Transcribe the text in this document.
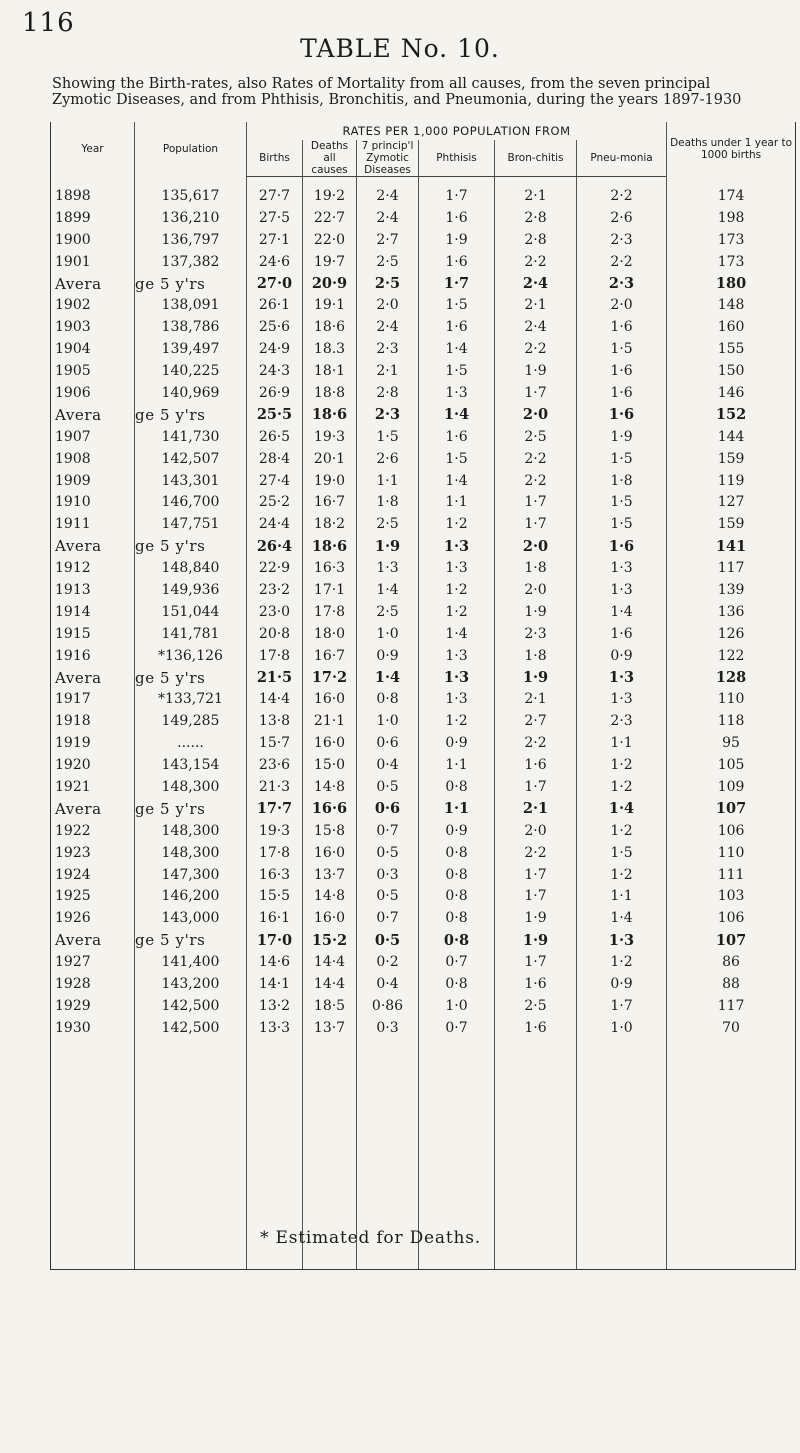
116
TABLE No. 10.
Showing the Birth-rates, also Rates of Mortality from all causes, from the seven principal Zymotic Diseases, and from Phthisis, Bronchitis, and Pneumonia, during the years 1897-1930
Year	Population	RATES PER 1,000 POPULATION FROM						Deaths under 1 year to 1000 births
		Births	Deaths all causes	7 princip'l Zymotic Diseases	Phthisis	Bron-chitis	Pneu-monia	
1898	135,617	27·7	19·2	2·4	1·7	2·1	2·2	174
1899	136,210	27·5	22·7	2·4	1·6	2·8	2·6	198
1900	136,797	27·1	22·0	2·7	1·9	2·8	2·3	173
1901	137,382	24·6	19·7	2·5	1·6	2·2	2·2	173
Avera	ge 5 y'rs	27·0	20·9	2·5	1·7	2·4	2·3	180
1902	138,091	26·1	19·1	2·0	1·5	2·1	2·0	148
1903	138,786	25·6	18·6	2·4	1·6	2·4	1·6	160
1904	139,497	24·9	18.3	2·3	1·4	2·2	1·5	155
1905	140,225	24·3	18·1	2·1	1·5	1·9	1·6	150
1906	140,969	26·9	18·8	2·8	1·3	1·7	1·6	146
Avera	ge 5 y'rs	25·5	18·6	2·3	1·4	2·0	1·6	152
1907	141,730	26·5	19·3	1·5	1·6	2·5	1·9	144
1908	142,507	28·4	20·1	2·6	1·5	2·2	1·5	159
1909	143,301	27·4	19·0	1·1	1·4	2·2	1·8	119
1910	146,700	25·2	16·7	1·8	1·1	1·7	1·5	127
1911	147,751	24·4	18·2	2·5	1·2	1·7	1·5	159
Avera	ge 5 y'rs	26·4	18·6	1·9	1·3	2·0	1·6	141
1912	148,840	22·9	16·3	1·3	1·3	1·8	1·3	117
1913	149,936	23·2	17·1	1·4	1·2	2·0	1·3	139
1914	151,044	23·0	17·8	2·5	1·2	1·9	1·4	136
1915	141,781	20·8	18·0	1·0	1·4	2·3	1·6	126
1916	*136,126	17·8	16·7	0·9	1·3	1·8	0·9	122
Avera	ge 5 y'rs	21·5	17·2	1·4	1·3	1·9	1·3	128
1917	*133,721	14·4	16·0	0·8	1·3	2·1	1·3	110
1918	149,285	13·8	21·1	1·0	1·2	2·7	2·3	118
1919	......	15·7	16·0	0·6	0·9	2·2	1·1	95
1920	143,154	23·6	15·0	0·4	1·1	1·6	1·2	105
1921	148,300	21·3	14·8	0·5	0·8	1·7	1·2	109
Avera	ge 5 y'rs	17·7	16·6	0·6	1·1	2·1	1·4	107
1922	148,300	19·3	15·8	0·7	0·9	2·0	1·2	106
1923	148,300	17·8	16·0	0·5	0·8	2·2	1·5	110
1924	147,300	16·3	13·7	0·3	0·8	1·7	1·2	111
1925	146,200	15·5	14·8	0·5	0·8	1·7	1·1	103
1926	143,000	16·1	16·0	0·7	0·8	1·9	1·4	106
Avera	ge 5 y'rs	17·0	15·2	0·5	0·8	1·9	1·3	107
1927	141,400	14·6	14·4	0·2	0·7	1·7	1·2	86
1928	143,200	14·1	14·4	0·4	0·8	1·6	0·9	88
1929	142,500	13·2	18·5	0·86	1·0	2·5	1·7	117
1930	142,500	13·3	13·7	0·3	0·7	1·6	1·0	70

* Estimated for Deaths.
